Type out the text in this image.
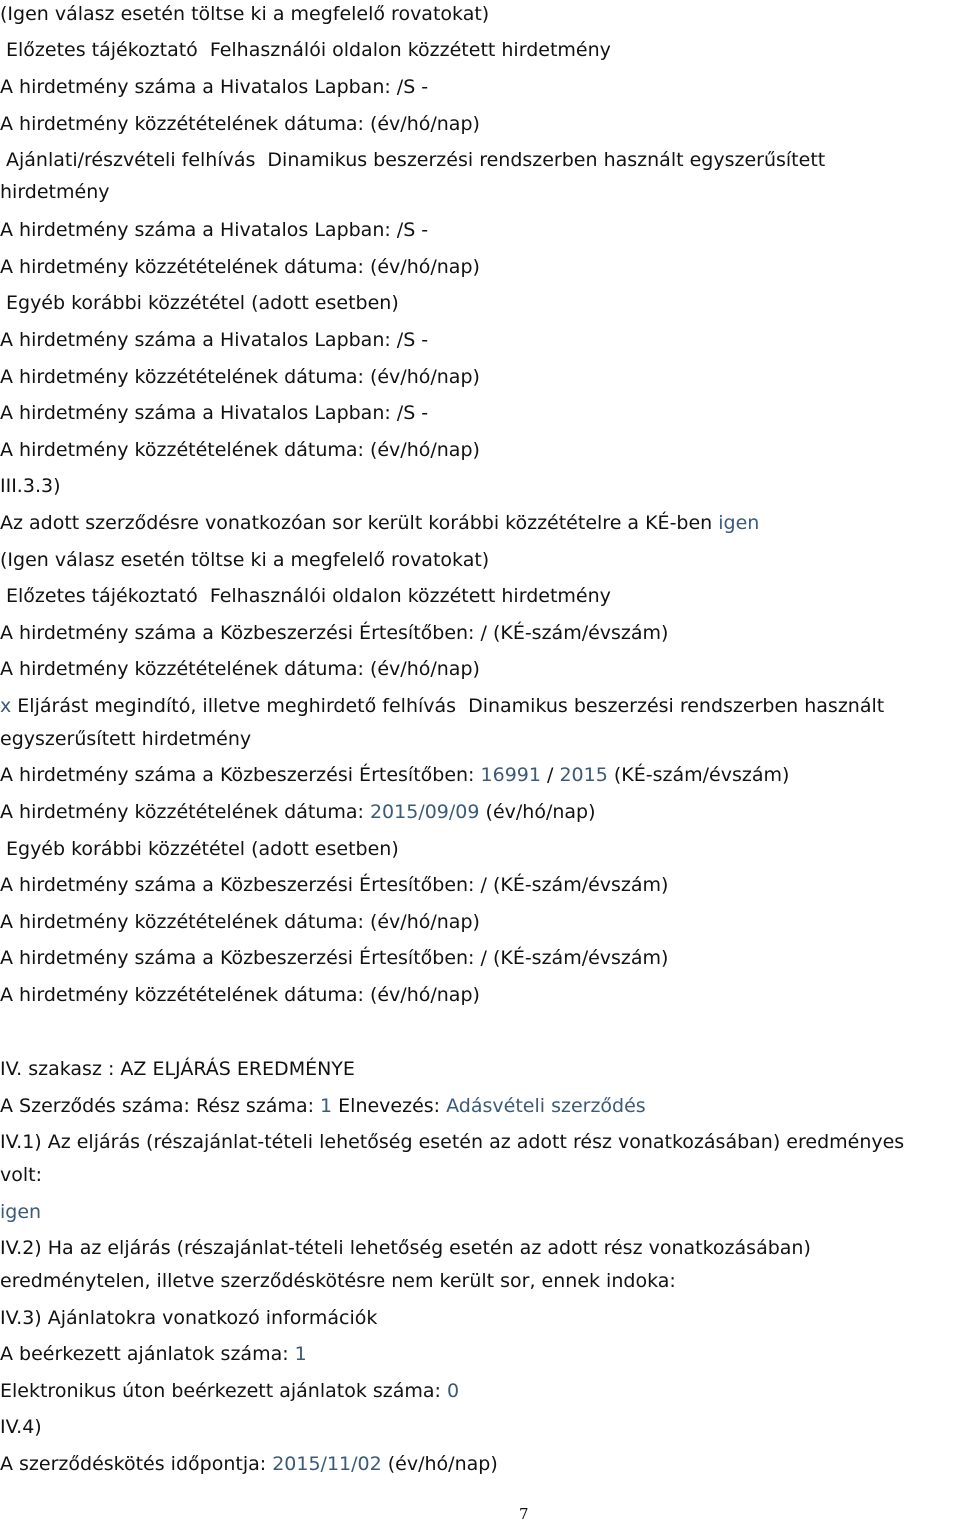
(Igen válasz esetén töltse ki a megfelelő rovatokat)
Előzetes tájékoztató Felhasználói oldalon közzétett hirdetmény
A hirdetmény száma a Hivatalos Lapban: /S -
A hirdetmény közzétételének dátuma: (év/hó/nap)
Ajánlati/részvételi felhívás Dinamikus beszerzési rendszerben használt egyszerűsített
hirdetmény
A hirdetmény száma a Hivatalos Lapban: /S -
A hirdetmény közzétételének dátuma: (év/hó/nap)
Egyéb korábbi közzététel (adott esetben)
A hirdetmény száma a Hivatalos Lapban: /S -
A hirdetmény közzétételének dátuma: (év/hó/nap)
A hirdetmény száma a Hivatalos Lapban: /S -
A hirdetmény közzétételének dátuma: (év/hó/nap)
III.3.3)
Az adott szerződésre vonatkozóan sor került korábbi közzétételre a KÉ-ben igen
(Igen válasz esetén töltse ki a megfelelő rovatokat)
Előzetes tájékoztató Felhasználói oldalon közzétett hirdetmény
A hirdetmény száma a Közbeszerzési Értesítőben: / (KÉ-szám/évszám)
A hirdetmény közzétételének dátuma: (év/hó/nap)
x Eljárást megindító, illetve meghirdető felhívás Dinamikus beszerzési rendszerben használt
egyszerűsített hirdetmény
A hirdetmény száma a Közbeszerzési Értesítőben: 16991 / 2015 (KÉ-szám/évszám)
A hirdetmény közzétételének dátuma: 2015/09/09 (év/hó/nap)
Egyéb korábbi közzététel (adott esetben)
A hirdetmény száma a Közbeszerzési Értesítőben: / (KÉ-szám/évszám)
A hirdetmény közzétételének dátuma: (év/hó/nap)
A hirdetmény száma a Közbeszerzési Értesítőben: / (KÉ-szám/évszám)
A hirdetmény közzétételének dátuma: (év/hó/nap)
IV. szakasz : AZ ELJÁRÁS EREDMÉNYE
A Szerződés száma: Rész száma: 1 Elnevezés: Adásvételi szerződés
IV.1) Az eljárás (részajánlat-tételi lehetőség esetén az adott rész vonatkozásában) eredményes
volt:
igen
IV.2) Ha az eljárás (részajánlat-tételi lehetőség esetén az adott rész vonatkozásában)
eredménytelen, illetve szerződéskötésre nem került sor, ennek indoka:
IV.3) Ajánlatokra vonatkozó információk
A beérkezett ajánlatok száma: 1
Elektronikus úton beérkezett ajánlatok száma: 0
IV.4)
A szerződéskötés időpontja: 2015/11/02 (év/hó/nap)
7
